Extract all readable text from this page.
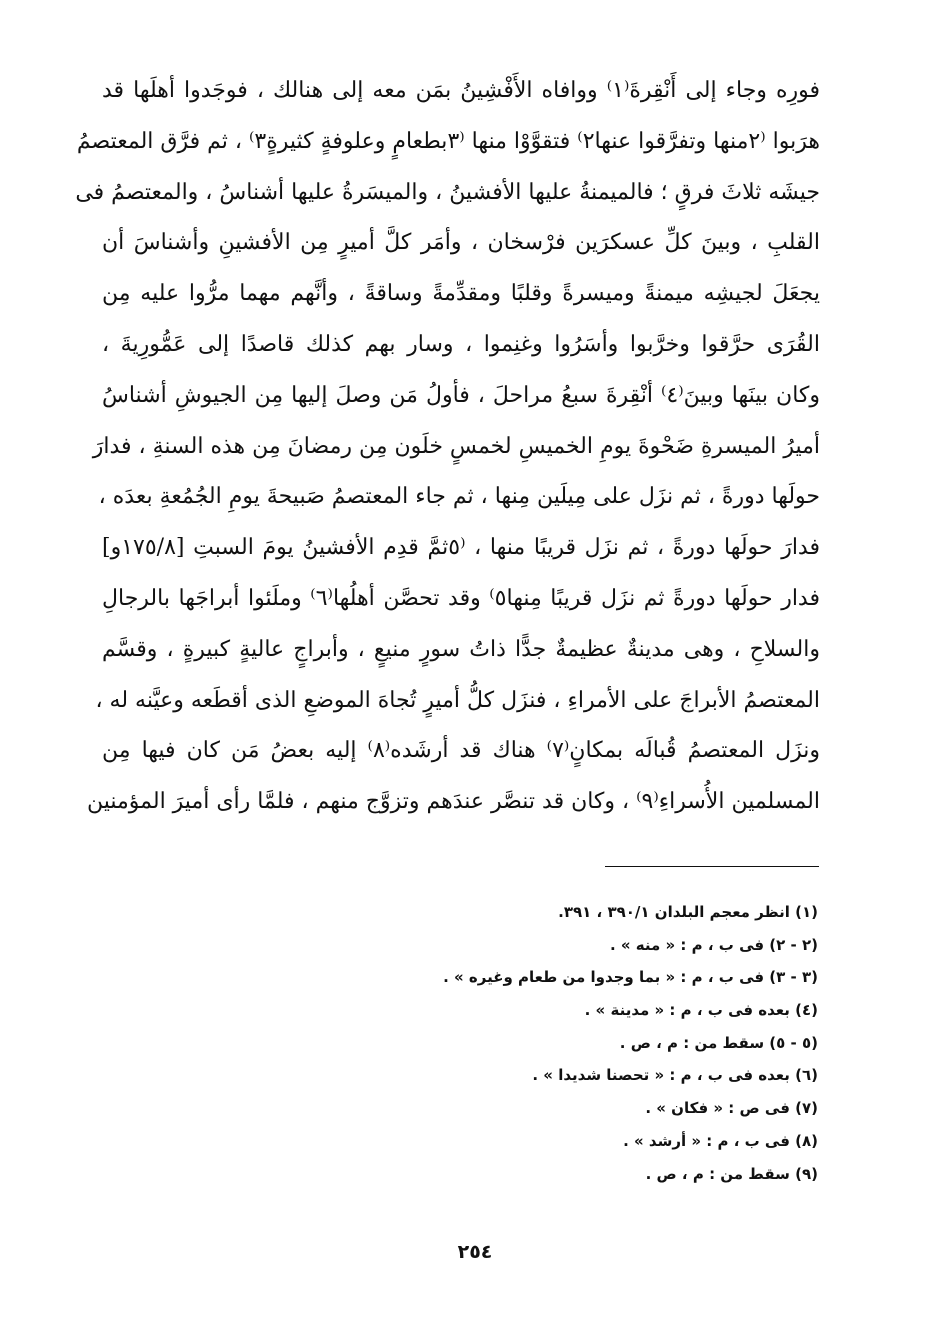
فورِه وجاء إلى أَنْقِرةَ⁽١⁾ ووافاه الأَفْشِينُ بمَن معه إلى هنالك ، فوجَدوا أهلَها قد
هرَبوا ⁽٢منها وتفرَّقوا عنها٢⁾ فتقوَّوْا منها ⁽٣بطعامٍ وعلوفةٍ كثيرةٍ٣⁾ ، ثم فرَّق المعتصمُ
جيشَه ثلاثَ فرقٍ ؛ فالميمنةُ عليها الأفشينُ ، والميسَرةُ عليها أشناسُ ، والمعتصمُ فى
القلبِ ، وبينَ كلِّ عسكرَين فرْسخان ، وأمَر كلَّ أميرٍ مِن الأفشينِ وأشناسَ أن
يجعَلَ لجيشِه ميمنةً وميسرةً وقلبًا ومقدِّمةً وساقةً ، وأنَّهم مهما مرُّوا عليه مِن
القُرَى حرَّقوا وخرَّبوا وأسَرُوا وغنِموا ، وسار بهم كذلك قاصدًا إلى عَمُّورِيةَ ،
وكان بينَها وبينَ⁽٤⁾ أنْقِرةَ سبعُ مراحلَ ، فأولُ مَن وصلَ إليها مِن الجيوشِ أشناسُ
أميرُ الميسرةِ ضَحْوةَ يومِ الخميسِ لخمسٍ خلَون مِن رمضانَ مِن هذه السنةِ ، فدارَ
حولَها دورةً ، ثم نزَل على مِيلَين مِنها ، ثم جاء المعتصمُ صَبيحةَ يومِ الجُمُعةِ بعدَه ،
فدارَ حولَها دورةً ، ثم نزَل قريبًا منها ، ⁽٥ثمَّ قدِم الأفشينُ يومَ السبتِ [١٧٥/٨و]
فدار حولَها دورةً ثم نزَل قريبًا مِنها٥⁾ وقد تحصَّن أهلُها⁽٦⁾ وملَئوا أبراجَها بالرجالِ
والسلاحِ ، وهى مدينةٌ عظيمةٌ جدًّا ذاتُ سورٍ منيعٍ ، وأبراجٍ عاليةٍ كبيرةٍ ، وقسَّم
المعتصمُ الأبراجَ على الأمراءِ ، فنزَل كلُّ أميرٍ تُجاهَ الموضعِ الذى أقطَعه وعيَّنه له ،
ونزَل المعتصمُ قُبالَه بمكانٍ⁽٧⁾ هناك قد أرشَده⁽٨⁾ إليه بعضُ مَن كان فيها مِن
المسلمين الأُسراءِ⁽٩⁾ ، وكان قد تنصَّر عندَهم وتزوَّج منهم ، فلمَّا رأى أميرَ المؤمنين
(١) انظر معجم البلدان ٣٩٠/١ ، ٣٩١.
(٢ - ٢) فى ب ، م : « منه » .
(٣ - ٣) فى ب ، م : « بما وجدوا من طعام وغيره » .
(٤) بعده فى ب ، م : « مدينة » .
(٥ - ٥) سقط من : م ، ص .
(٦) بعده فى ب ، م : « تحصنا شديدا » .
(٧) فى ص : « فكان » .
(٨) فى ب ، م : « أرشد » .
(٩) سقط من : م ، ص .
٢٥٤
